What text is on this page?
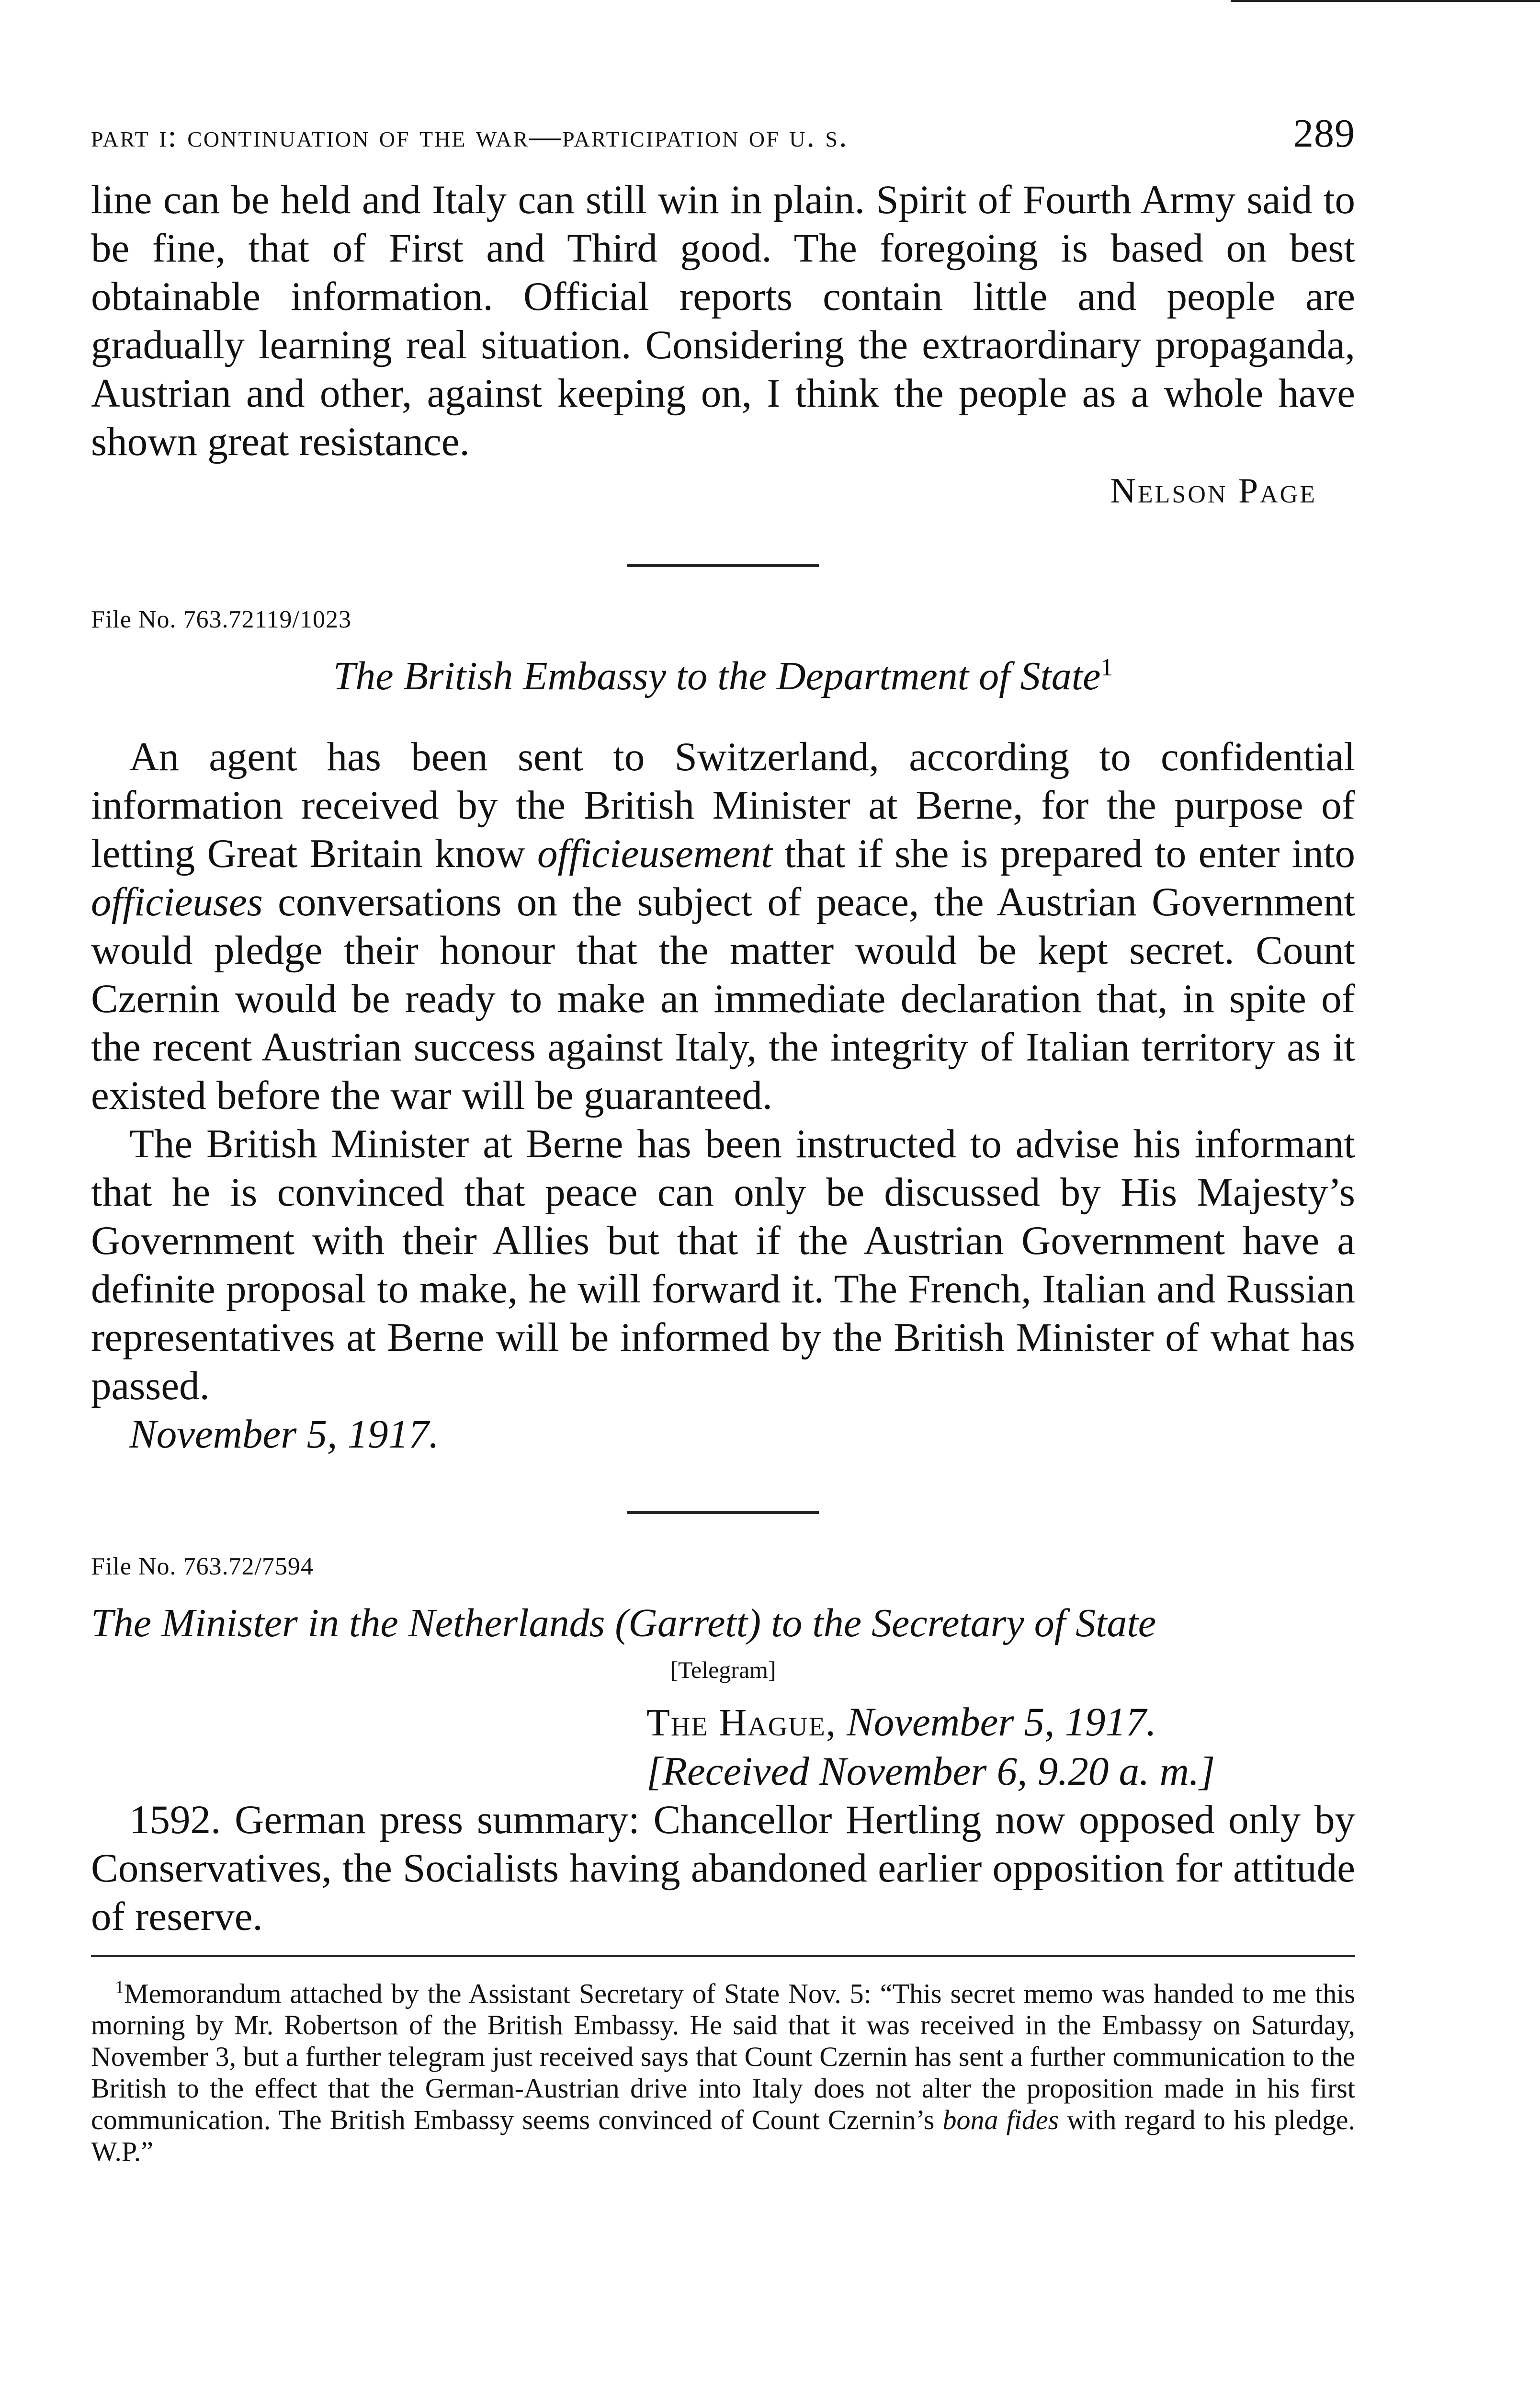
part i: continuation of the war—participation of u. s.	289

line can be held and Italy can still win in plain. Spirit of Fourth Army said to be fine, that of First and Third good. The foregoing is based on best obtainable information. Official reports contain little and people are gradually learning real situation. Considering the extraordinary propaganda, Austrian and other, against keeping on, I think the people as a whole have shown great resistance.

Nelson Page
File No. 763.72119/1023
The British Embassy to the Department of State$^1$

An agent has been sent to Switzerland, according to confidential information received by the British Minister at Berne, for the purpose of letting Great Britain know officieusement that if she is prepared to enter into officieuses conversations on the subject of peace, the Austrian Government would pledge their honour that the matter would be kept secret. Count Czernin would be ready to make an immediate declaration that, in spite of the recent Austrian success against Italy, the integrity of Italian territory as it existed before the war will be guaranteed.

The British Minister at Berne has been instructed to advise his informant that he is convinced that peace can only be discussed by His Majesty’s Government with their Allies but that if the Austrian Government have a definite proposal to make, he will forward it. The French, Italian and Russian representatives at Berne will be informed by the British Minister of what has passed.

November 5, 1917.
File No. 763.72/7594
The Minister in the Netherlands (Garrett) to the Secretary of State
[Telegram]
The Hague, November 5, 1917.
[Received November 6, 9.20 a. m.]

1592. German press summary: Chancellor Hertling now opposed only by Conservatives, the Socialists having abandoned earlier opposition for attitude of reserve.

$^1$Memorandum attached by the Assistant Secretary of State Nov. 5: “This secret memo was handed to me this morning by Mr. Robertson of the British Embassy. He said that it was received in the Embassy on Saturday, November 3, but a further telegram just received says that Count Czernin has sent a further communication to the British to the effect that the German-Austrian drive into Italy does not alter the proposition made in his first communication. The British Embassy seems convinced of Count Czernin’s bona fides with regard to his pledge. W.P.”
